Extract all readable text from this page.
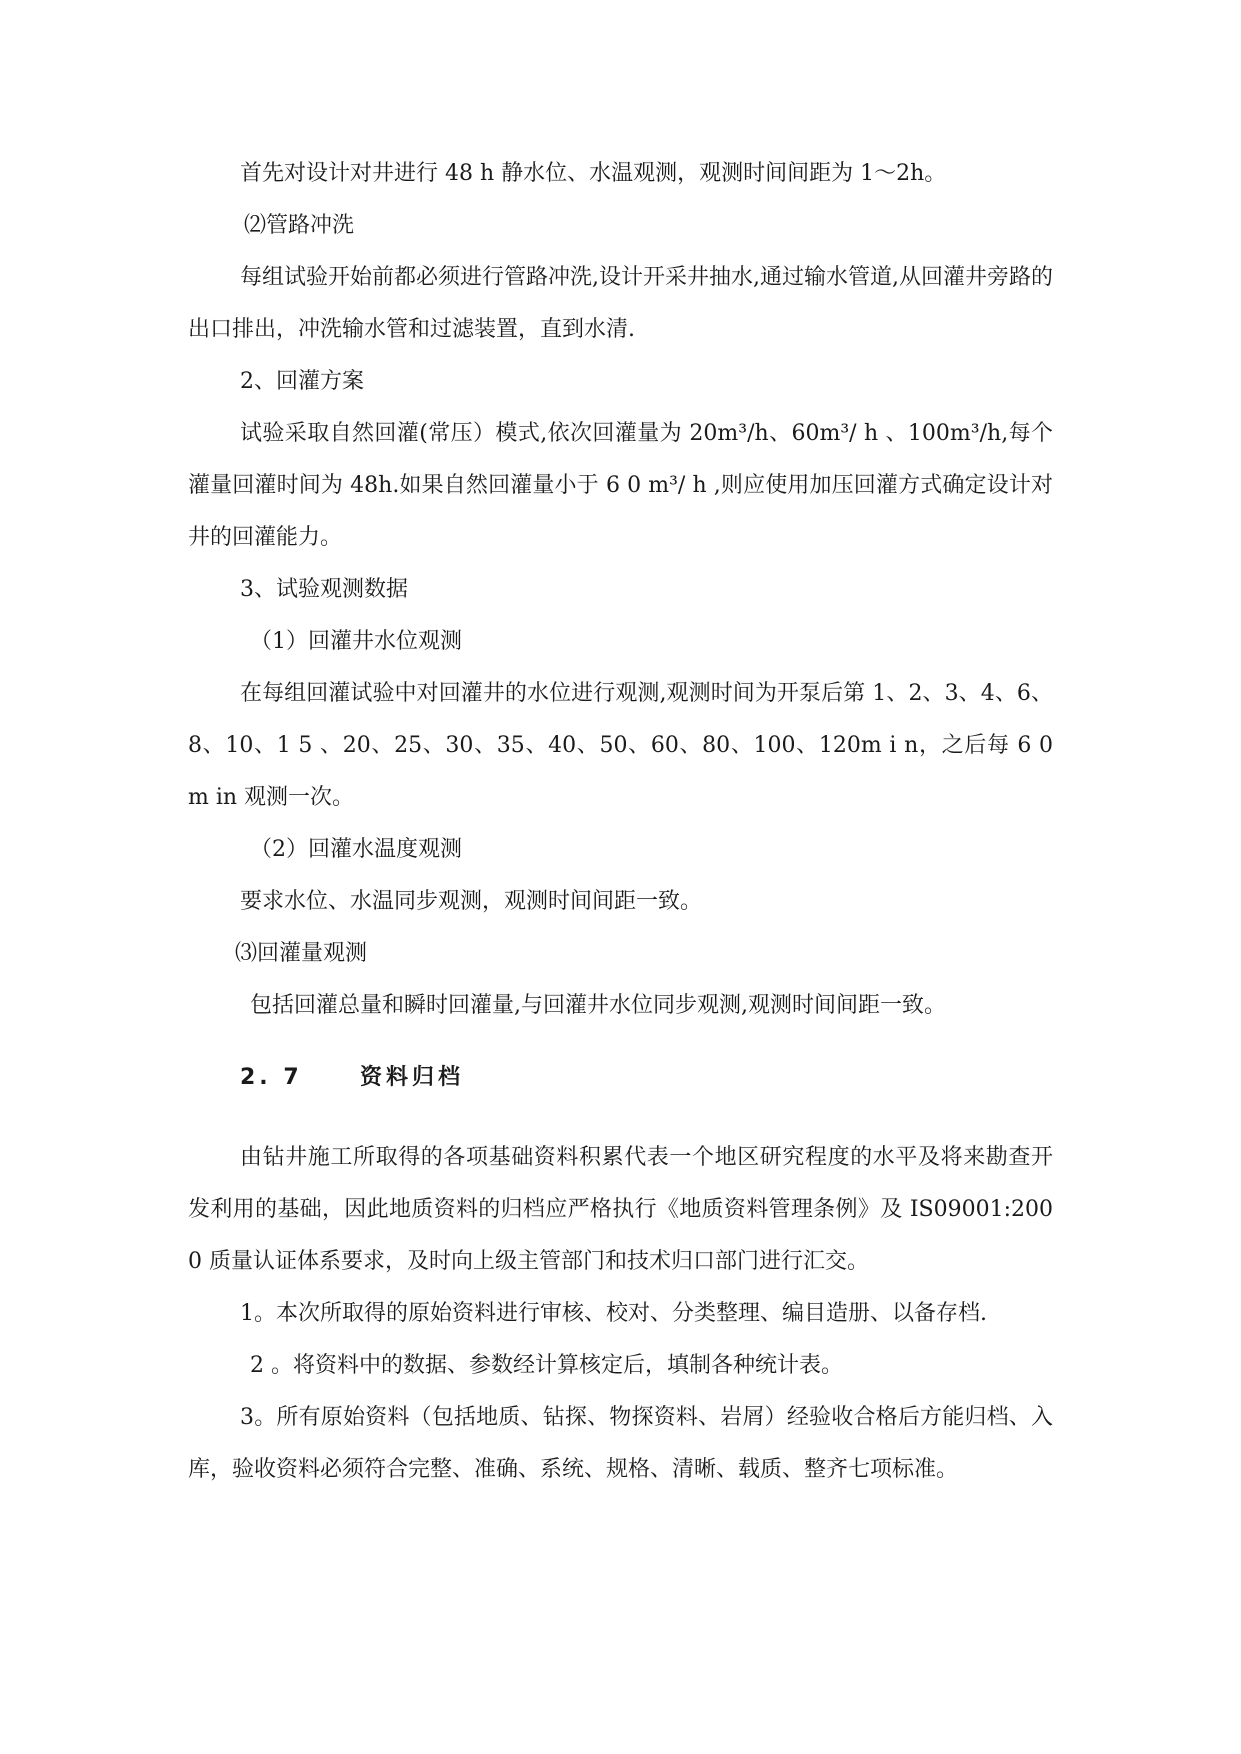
首先对设计对井进行 48 h 静水位、水温观测，观测时间间距为 1～2h。

⑵管路冲洗

每组试验开始前都必须进行管路冲洗,设计开采井抽水,通过输水管道,从回灌井旁路的出口排出，冲洗输水管和过滤装置，直到水清.

2、回灌方案

试验采取自然回灌(常压）模式,依次回灌量为 20m³/h、60m³/ h 、100m³/h,每个灌量回灌时间为 48h.如果自然回灌量小于 6 0 m³/ h ,则应使用加压回灌方式确定设计对井的回灌能力。

3、试验观测数据

（1）回灌井水位观测

在每组回灌试验中对回灌井的水位进行观测,观测时间为开泵后第 1、2、3、4、6、8、10、1 5 、20、25、30、35、40、50、60、80、100、120m i n，之后每 6 0 m in 观测一次。

（2）回灌水温度观测

要求水位、水温同步观测，观测时间间距一致。

⑶回灌量观测

包括回灌总量和瞬时回灌量,与回灌井水位同步观测,观测时间间距一致。

2. 7	资料归档

由钻井施工所取得的各项基础资料积累代表一个地区研究程度的水平及将来勘查开发利用的基础，因此地质资料的归档应严格执行《地质资料管理条例》及 IS09001:200 0 质量认证体系要求，及时向上级主管部门和技术归口部门进行汇交。

1。本次所取得的原始资料进行审核、校对、分类整理、编目造册、以备存档.

2 。将资料中的数据、参数经计算核定后，填制各种统计表。

3。所有原始资料（包括地质、钻探、物探资料、岩屑）经验收合格后方能归档、入库，验收资料必须符合完整、准确、系统、规格、清晰、载质、整齐七项标准。
